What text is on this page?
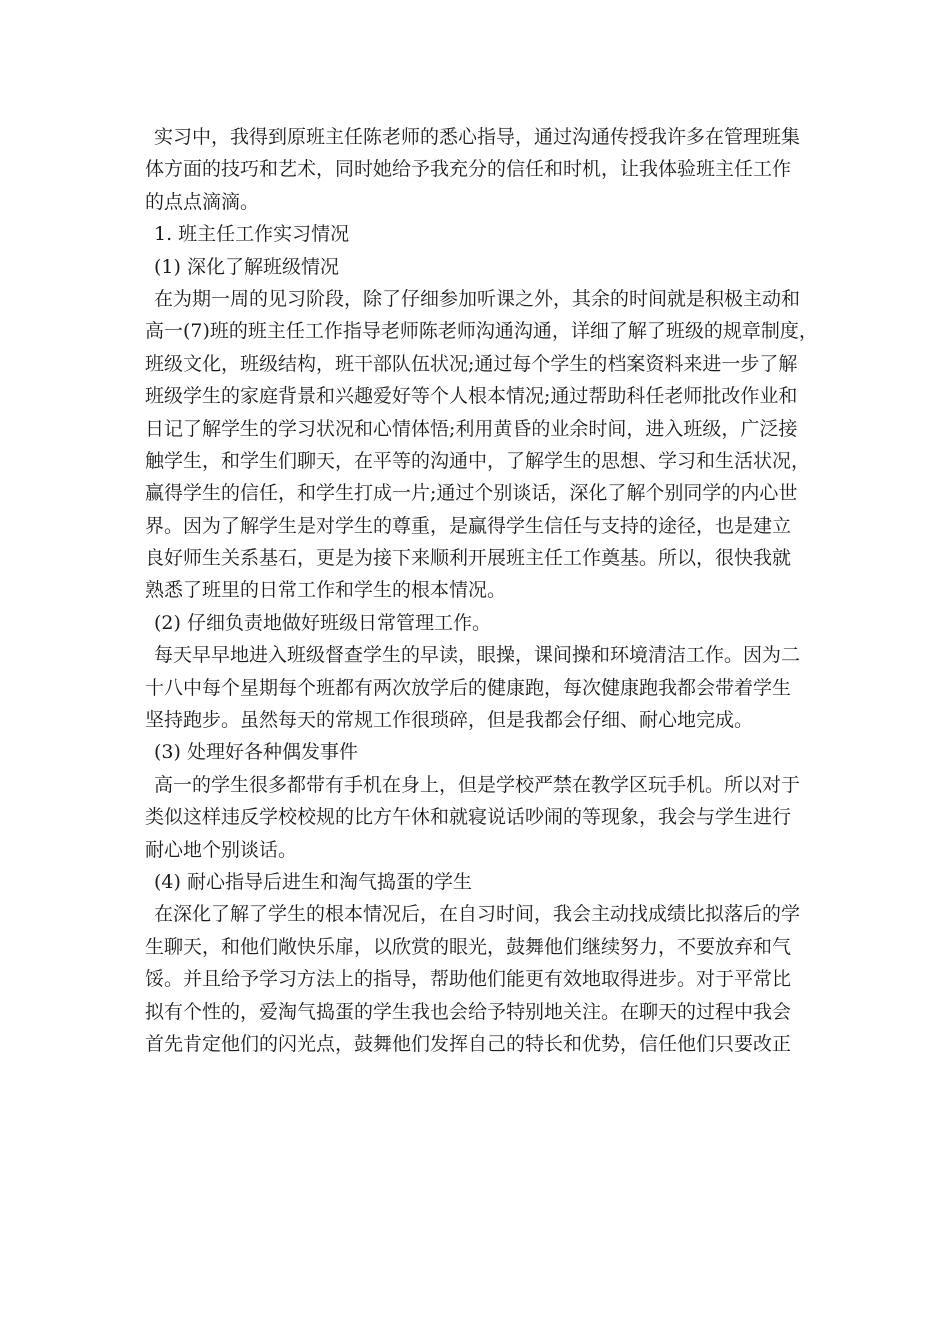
实习中，我得到原班主任陈老师的悉心指导，通过沟通传授我许多在管理班集
体方面的技巧和艺术，同时她给予我充分的信任和时机，让我体验班主任工作
的点点滴滴。
1. 班主任工作实习情况
(1) 深化了解班级情况
在为期一周的见习阶段，除了仔细参加听课之外，其余的时间就是积极主动和
高一(7)班的班主任工作指导老师陈老师沟通沟通，详细了解了班级的规章制度，
班级文化，班级结构，班干部队伍状况;通过每个学生的档案资料来进一步了解
班级学生的家庭背景和兴趣爱好等个人根本情况;通过帮助科任老师批改作业和
日记了解学生的学习状况和心情体悟;利用黄昏的业余时间，进入班级，广泛接
触学生，和学生们聊天，在平等的沟通中，了解学生的思想、学习和生活状况，
赢得学生的信任，和学生打成一片;通过个别谈话，深化了解个别同学的内心世
界。因为了解学生是对学生的尊重，是赢得学生信任与支持的途径，也是建立
良好师生关系基石，更是为接下来顺利开展班主任工作奠基。所以，很快我就
熟悉了班里的日常工作和学生的根本情况。
(2) 仔细负责地做好班级日常管理工作。
每天早早地进入班级督查学生的早读，眼操，课间操和环境清洁工作。因为二
十八中每个星期每个班都有两次放学后的健康跑，每次健康跑我都会带着学生
坚持跑步。虽然每天的常规工作很琐碎，但是我都会仔细、耐心地完成。
(3) 处理好各种偶发事件
高一的学生很多都带有手机在身上，但是学校严禁在教学区玩手机。所以对于
类似这样违反学校校规的比方午休和就寝说话吵闹的等现象，我会与学生进行
耐心地个别谈话。
(4) 耐心指导后进生和淘气捣蛋的学生
在深化了解了学生的根本情况后，在自习时间，我会主动找成绩比拟落后的学
生聊天，和他们敞快乐扉，以欣赏的眼光，鼓舞他们继续努力，不要放弃和气
馁。并且给予学习方法上的指导，帮助他们能更有效地取得进步。对于平常比
拟有个性的，爱淘气捣蛋的学生我也会给予特别地关注。在聊天的过程中我会
首先肯定他们的闪光点，鼓舞他们发挥自己的特长和优势，信任他们只要改正
